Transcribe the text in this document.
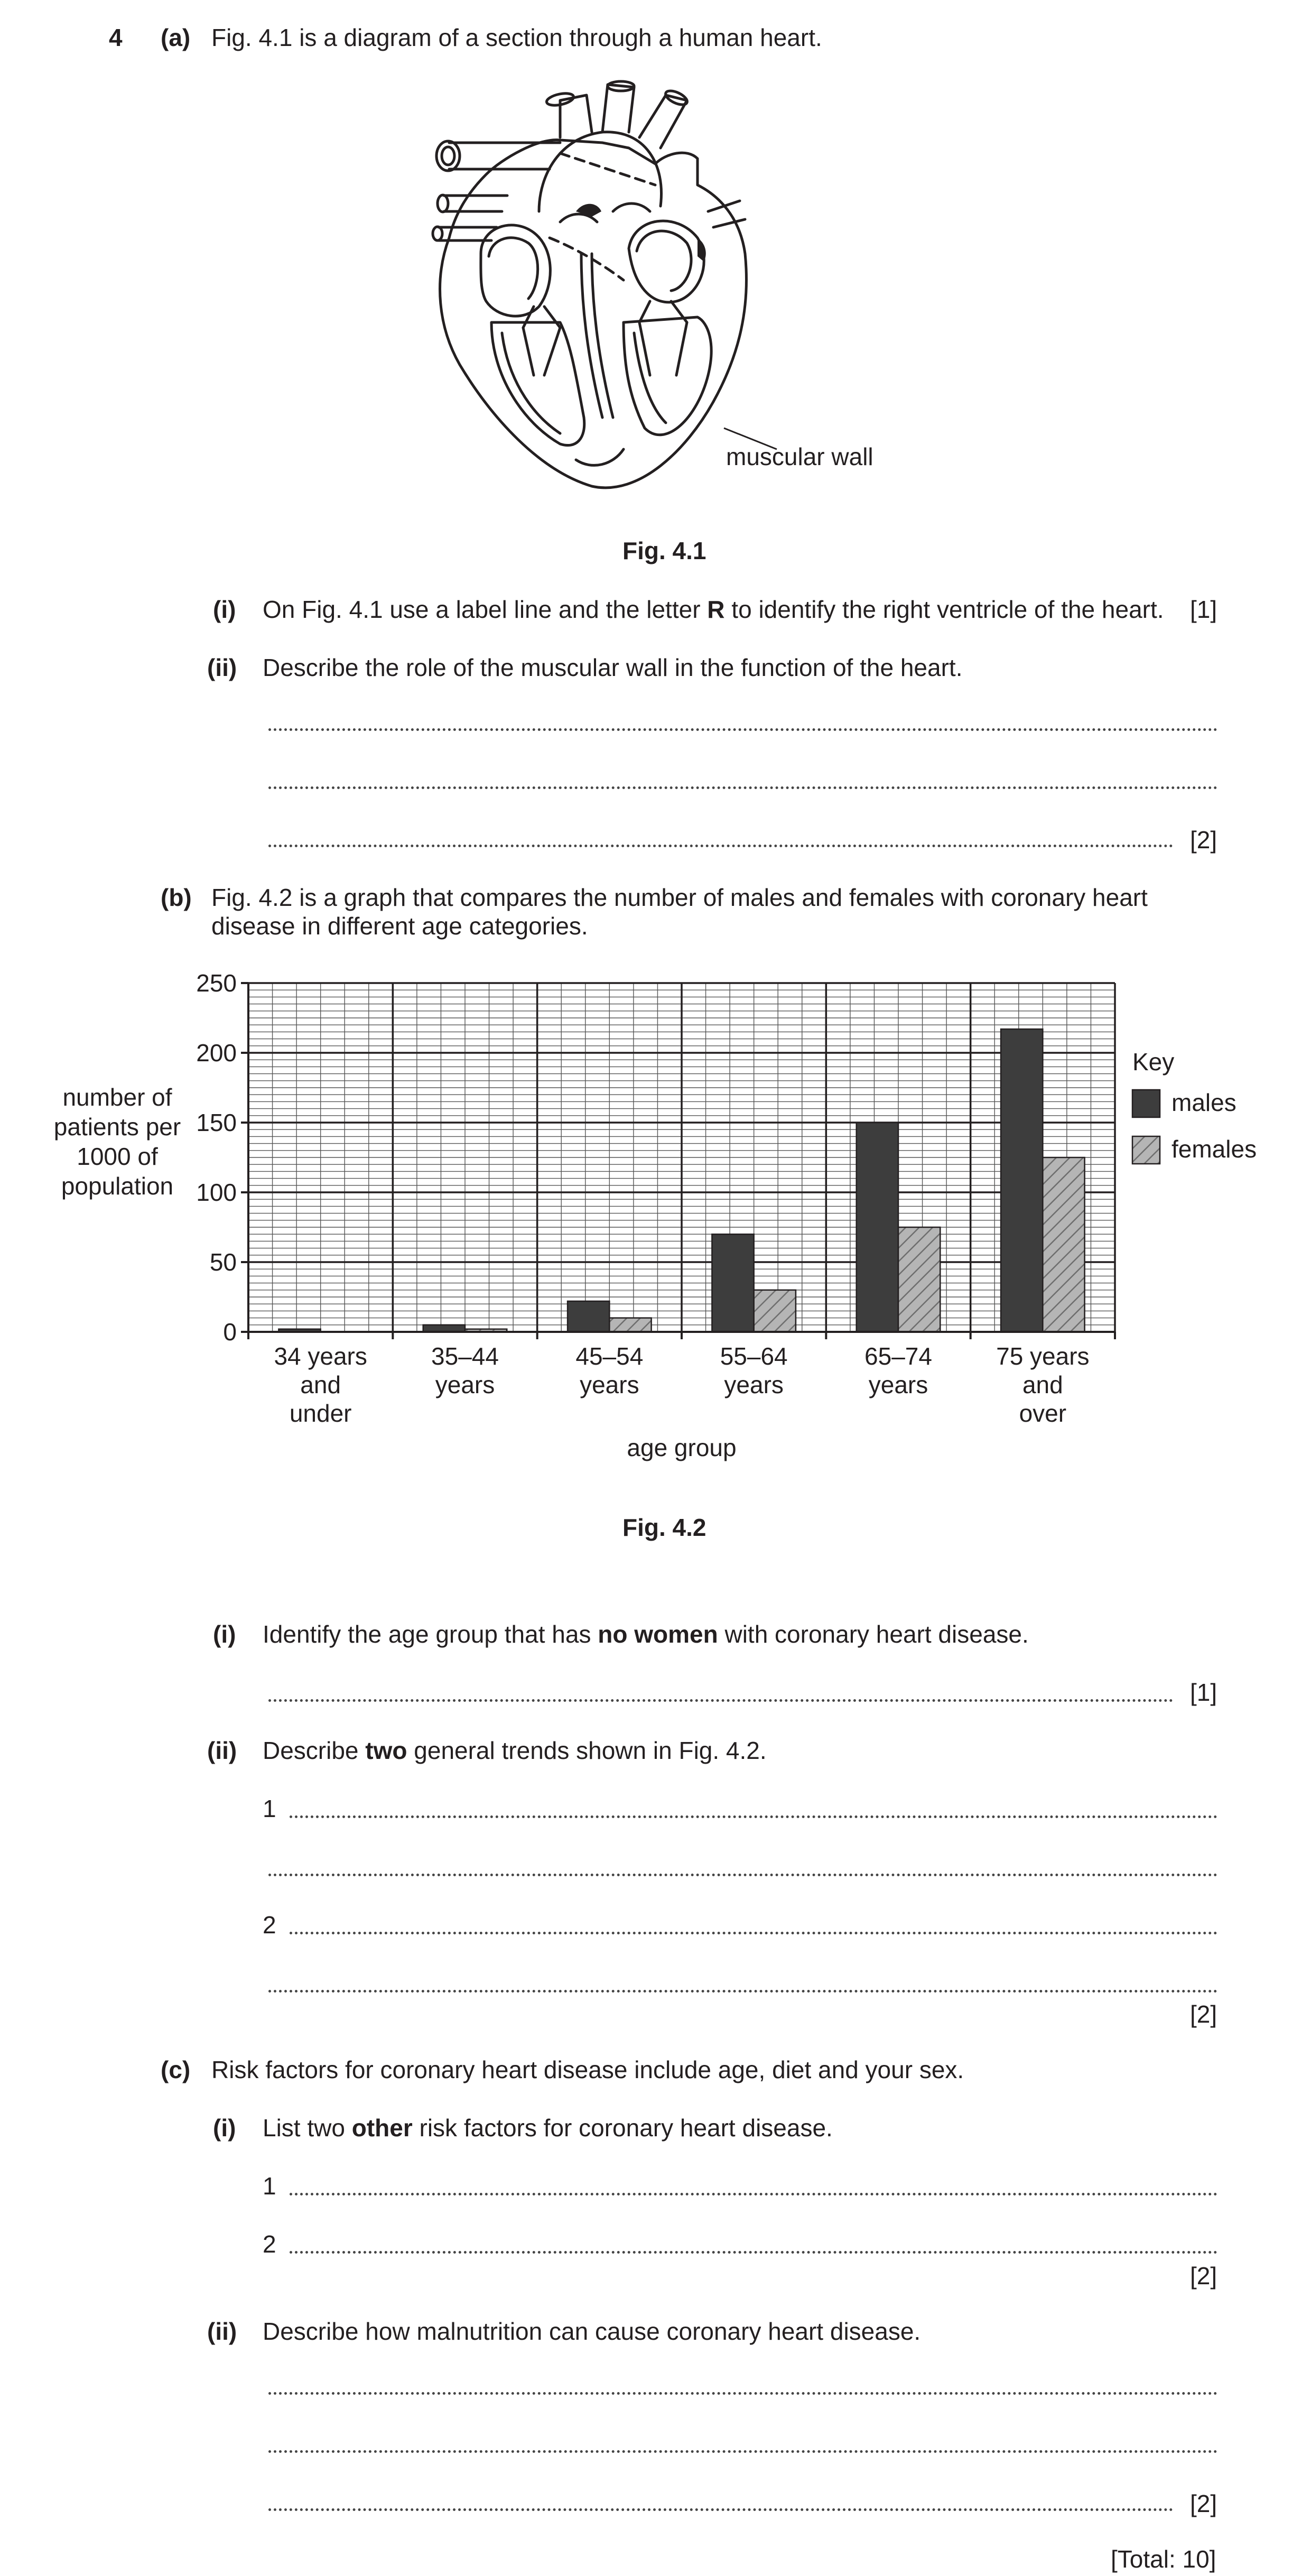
4 (a) Fig. 4.1 is a diagram of a section through a human heart.
muscular wall
Fig. 4.1
(i) On Fig. 4.1 use a label line and the letter R to identify the right ventricle of the heart. [1]
(ii) Describe the role of the muscular wall in the function of the heart.
[2]
(b) Fig. 4.2 is a graph that compares the number of males and females with coronary heart
disease in different age categories.
0
50
100
150
200
250
34 years
and
under
35–44
years
45–54
years
55–64
years
65–74
years
75 years
and
over
age group
number of
patients per
1000 of
population
Key
males
females
Fig. 4.2
(i) Identify the age group that has no women with coronary heart disease.
[1]
(ii) Describe two general trends shown in Fig. 4.2.
1
2
[2]
(c) Risk factors for coronary heart disease include age, diet and your sex.
(i) List two other risk factors for coronary heart disease.
1
2
[2]
(ii) Describe how malnutrition can cause coronary heart disease.
[2]
[Total: 10]
